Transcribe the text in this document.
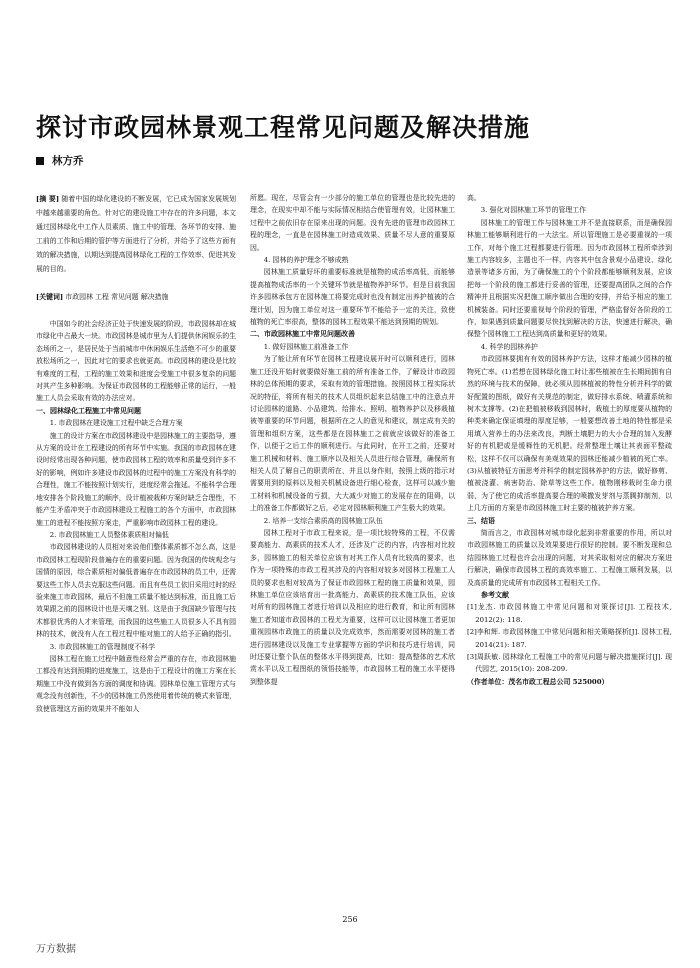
探讨市政园林景观工程常见问题及解决措施
林方乔
[摘 要] 随着中国的绿化建设的不断发展，它已成为国家发展规划中越来越重要的角色。针对它的建设施工中存在的许多问题，本文通过园林绿化中工作人员素质、施工中的管理、各环节的安排、施工前的工作和后期的管护等方面进行了分析，并给予了这些方面有效的解决措施，以期达到提高园林绿化工程的工作效率、促进其发展的目的。
[关键词] 市政园林 工程 常见问题 解决措施

中国如今的社会经济正处于快速发展的阶段，市政园林却在城市绿化中占最大一块。市政园林是城市里为人们提供休闲娱乐的生态场所之一，是居民处于当前城市中休闲娱乐生活绝不可少的重要放松场所之一，因此对它的要求也就更高。市政园林的建设是比较有难度的工程，工程的施工效果和进度会受施工中很多复杂的问题对其产生多种影响。为保证市政园林的工程能够正常的运行，一般施工人员会采取有效的办法应对。

一、园林绿化工程施工中常见问题

1. 市政园林在建设施工过程中缺乏合理方案

施工的设计方案在市政园林建设中是园林施工的主要指导，遵从方案的设计在工程建设的所有环节中实施。我国的市政园林在建设时经常出现各种问题，使市政园林工程的效率和质量受到许多不好的影响，例如许多建设市政园林的过程中的施工方案没有科学的合理性，施工不能按照计划实行，进度经常会拖延。不能科学合理地安排各个阶段施工的顺序，设计植被栽种方案时缺乏合理性，不能产生矛盾冲突于市政园林建设工程施工的各个方面中，市政园林施工的进程不能按照方案走，严重影响市政园林工程的建设。

2. 市政园林施工人员整体素质相对偏低

市政园林建设的人员相对来说他们整体素质都不怎么高，这是市政园林工程现阶段普遍存在的重要问题。因为我国的传统观念与国情的原因，综合素质相对偏低普遍存在市政园林的员工中，还需要这些工作人员去克服这些问题。而且有些员工依旧采用过时的经验来施工市政园林，最后不但施工质量不能达到标准，而且施工后效果跟之前的园林设计也是天壤之别。这是由于我国缺少管理与技术都很优秀的人才来管理，而我国的这些施工人员很多人不具有园林的技术，就没有人在工程过程中能对施工的人给予正确的指引。

3. 市政园林施工的管理制度不科学

园林工程在施工过程中随意性经常会严重的存在，市政园林施工都没有达到预期的进度施工，这是由于工程设计的施工方案在长期施工中没有做到各方面的调度和协调。园林单位施工管理方式与观念没有创新性，不少的园林施工仍然使用着传统的模式来管理，致使管理这方面的效果并不能如人

所愿。现在，尽管会有一少部分的施工单位的管理也是比较先进的理念，在现实中却不能与实际情况相结合使管理有效，让园林施工过程中之前依旧存在原来出现的问题。没有先进的管理市政园林工程的理念，一直是在园林施工时造成效果、质量不尽人意的重要原因。

4. 园林的养护理念不够成熟

园林施工质量好坏的重要标准就是植物的成活率高低，而能够提高植物成活率的一个关键环节就是植物养护环节。但是目前我国许多园林承包方在园林施工将要完成时也没有制定出养护植被的合理计划，因为施工单位对这一重要环节不能给予一定的关注，致使植物的死亡率很高，整体的园林工程效果不能达到预期的规划。

二、市政园林施工中常见问题改善

1. 做好园林施工前准备工作

为了能让所有环节在园林工程建设展开时可以顺利进行，园林施工还没开始时就要做好施工前的所有准备工作，了解设计市政园林的总体预期的要求，采取有效的管理措施。按照园林工程实际状况的特征，将所有相关的技术人员组织起来总结施工中的注意点并讨论园林的道路、小品建筑、给排水、照明、植物养护以及移栽植被等重要的环节问题，根据所在之人的意见和建议，制定成有关的管理和组织方案，这些都是在园林施工之前就应该做好的准备工作，以便于之后工作的顺利进行。与此同时，在开工之前，还要对施工机械和材料、施工顺序以及相关人员进行综合管理，确保所有相关人员了解自己的职责所在，并且以身作则，按照上级的指示对需要用到的原料以及相关机械设备进行细心检查，这样可以减少施工材料和机械设备的亏损，大大减少对施工的发展存在的阻碍，以上的准备工作都做好之后，必定对园林顺利施工产生极大的效果。

2. 培养一支综合素质高的园林施工队伍

园林工程对于市政工程来说，是一项比较特殊的工程，不仅需要高能力、高素质的技术人才，还涉及广泛的内容，内容相对比较多，园林施工的相关单位应该有对其工作人员有比较高的要求，也作为一项特殊的市政工程其涉及的内容相对较多对园林工程施工人员的要求也相对较高为了保证市政园林工程的施工质量和效果，园林施工单位应该培育出一批高能力、高素质的技术施工队伍，应该对所有的园林施工者进行培训以及相应的进行教育，和让所有园林施工者知道市政园林的工程尤为重要，这样可以让园林施工者更加重视园林市政施工的质量以及完成效率，然而需要对园林的施工者进行园林建设以及施工专业掌握等方面的学识和技巧进行培训，同时还要让整个队伍的整体水平得到提高，比如：提高整体的艺术欣赏水平以及工程图纸的领悟技能等，市政园林工程的施工水平便得到整体提

高。

3. 强化对园林施工环节的管理工作

园林施工的管理工作与园林施工并不是直接联系，而是确保园林施工能够顺利进行的一大法宝。所以管理施工是必要重视的一项工作，对每个施工过程都要进行管理。因为市政园林工程所牵涉到施工内容较多，主题也不一样，内容其中包含景观小品建设、绿化造景等诸多方面，为了确保施工的个个阶段都能够顺利发展，应该把每一个阶段的施工都进行妥善的管理，还要提高团队之间的合作精神并且根据实况把施工顺序做出合理的安排，并给予相应的施工机械装备。同时还要重视每个阶段的管理，严格监督好各阶段的工作，如果遇到质量问题要尽快找到解决的方法，快速进行解决，确保整个园林施工工程达到高质量和更好的效果。

4. 科学的园林养护

市政园林要拥有有效的园林养护方法，这样才能减少园林的植物死亡率。(1)若想在园林绿化施工时让那些植被在生长期间拥有自然的环境与技术的保障，就必须从园林植被的特性分析并科学的做好配置的图纸，做好有关规范的制定，做好排水系统、喷灌系统和树木支撑等。(2)在把植被移栽到园林时，栽植土的厚度要从植物的种类来确定保证填埋的厚度足够，一般要想改善土地的特性都是采用填入营养土的办法来改良，判断土壤肥力的大小合理的加入发酵好的有机肥或是缓释性的无机肥。经常整理土壤让其表面平整疏松，这样不仅可以确保有美观效果的园林还能减少植被的死亡率。(3)从植被特征方面思考并科学的制定园林养护的方法，做好修剪、植被浇灌、病害防治、除草等这些工作。植物刚移栽时生命力很弱，为了使它的成活率提高要合理的喷撒发芽剂与蒸腾抑制剂，以上几方面的方案是市政园林施工时主要的植被护养方案。

三、结语

简而言之，市政园林对城市绿化起到非常重要的作用，所以对市政园林施工的质量以及效果要进行很好的控制。要不断发现和总结园林施工过程也许会出现的问题，对其采取相对应的解决方案进行解决，确保市政园林工程的高效率施工、工程施工顺利发展，以及高质量的完成所有市政园林工程相关工作。

参考文献

[1]龙杰. 市政园林施工中常见问题和对策探讨[J]. 工程技术, 2012(2): 118.

[2]李和辉. 市政园林施工中常见问题和相关策略探析[J]. 园林工程, 2014(21): 187.

[3]周跃敏. 园林绿化工程施工中的常见问题与解决措施探讨[J]. 现代园艺, 2015(10): 208-209.

（作者单位：茂名市政工程总公司 525000）

256
万方数据
